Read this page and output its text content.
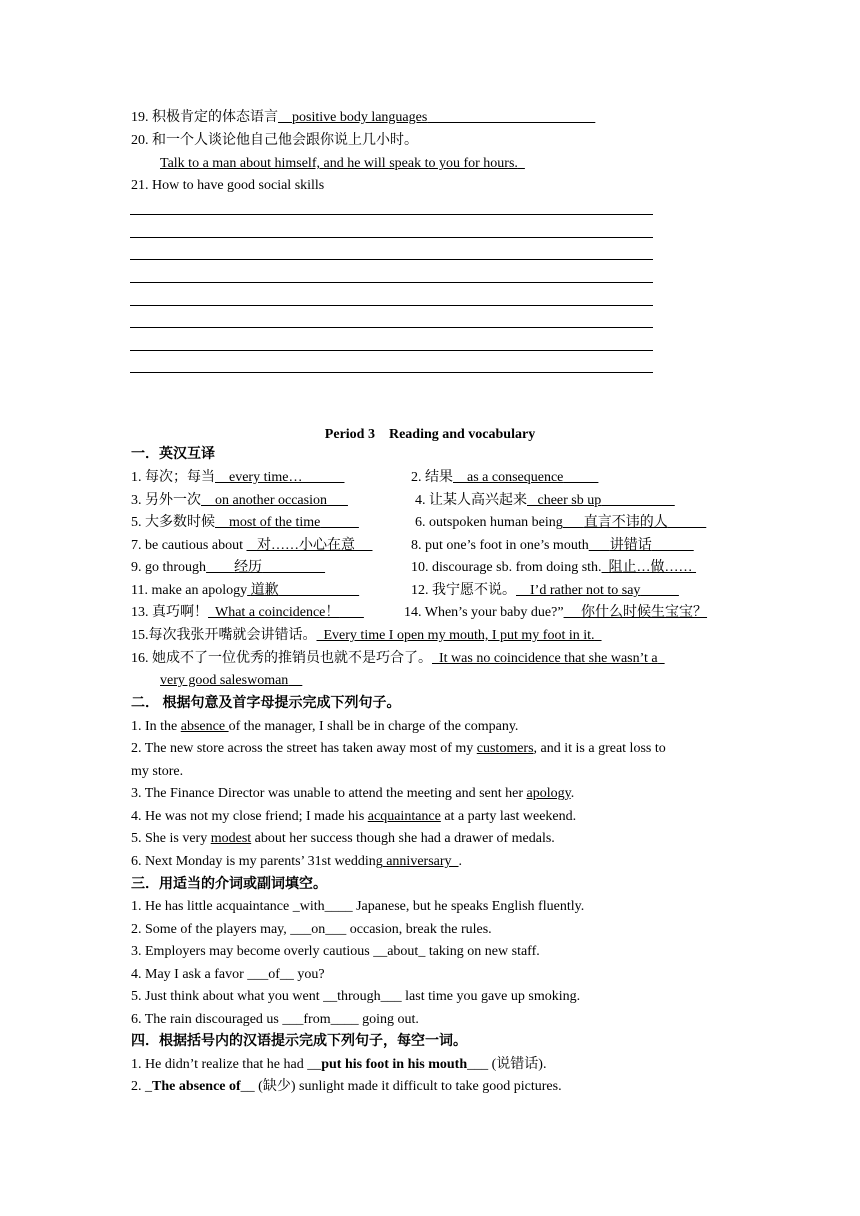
19. 积极肯定的体态语言 positive body languages
20. 和一个人谈论他自己他会跟你说上几小时。
Talk to a man about himself, and he will speak to you for hours.
21. How to have good social skills
Period 3    Reading and vocabulary
一．英汉互译
1. 每次；每当 every time…	2. 结果 as a consequence
3. 另外一次 on another occasion	4. 让某人高兴起来 cheer sb up
5. 大多数时候 most of the time	6. outspoken human being 直言不讳的人
7. be cautious about 对……小心在意	8. put one’s foot in one’s mouth 讲错话
9. go through 经历	10. discourage sb. from doing sth. 阻止…做……
11. make an apology 道歉	12. 我宁愿不说。 I’d rather not to say
13. 真巧啊！ What a coincidence！	14. When’s your baby due?” 你什么时候生宝宝？
15.每次我张开嘴就会讲错话。 Every time I open my mouth, I put my foot in it.
16. 她成不了一位优秀的推销员也就不是巧合了。 It was no coincidence that she wasn’t a
very good saleswoman
二． 根据句意及首字母提示完成下列句子。
1. In the absence of the manager, I shall be in charge of the company.
2. The new store across the street has taken away most of my customers, and it is a great loss to
my store.
3. The Finance Director was unable to attend the meeting and sent her apology.
4. He was not my close friend; I made his acquaintance at a party last weekend.
5. She is very modest about her success though she had a drawer of medals.
6. Next Monday is my parents’ 31st wedding anniversary  .
三．用适当的介词或副词填空。
1. He has little acquaintance _with____ Japanese, but he speaks English fluently.
2. Some of the players may, ___on___ occasion, break the rules.
3. Employers may become overly cautious __about_ taking on new staff.
4. May I ask a favor ___of__ you?
5. Just think about what you went __through___ last time you gave up smoking.
6. The rain discouraged us ___from____ going out.
四．根据括号内的汉语提示完成下列句子，每空一词。
1. He didn’t realize that he had __put his foot in his mouth___ (说错话).
2. _The absence of__ (缺少) sunlight made it difficult to take good pictures.
